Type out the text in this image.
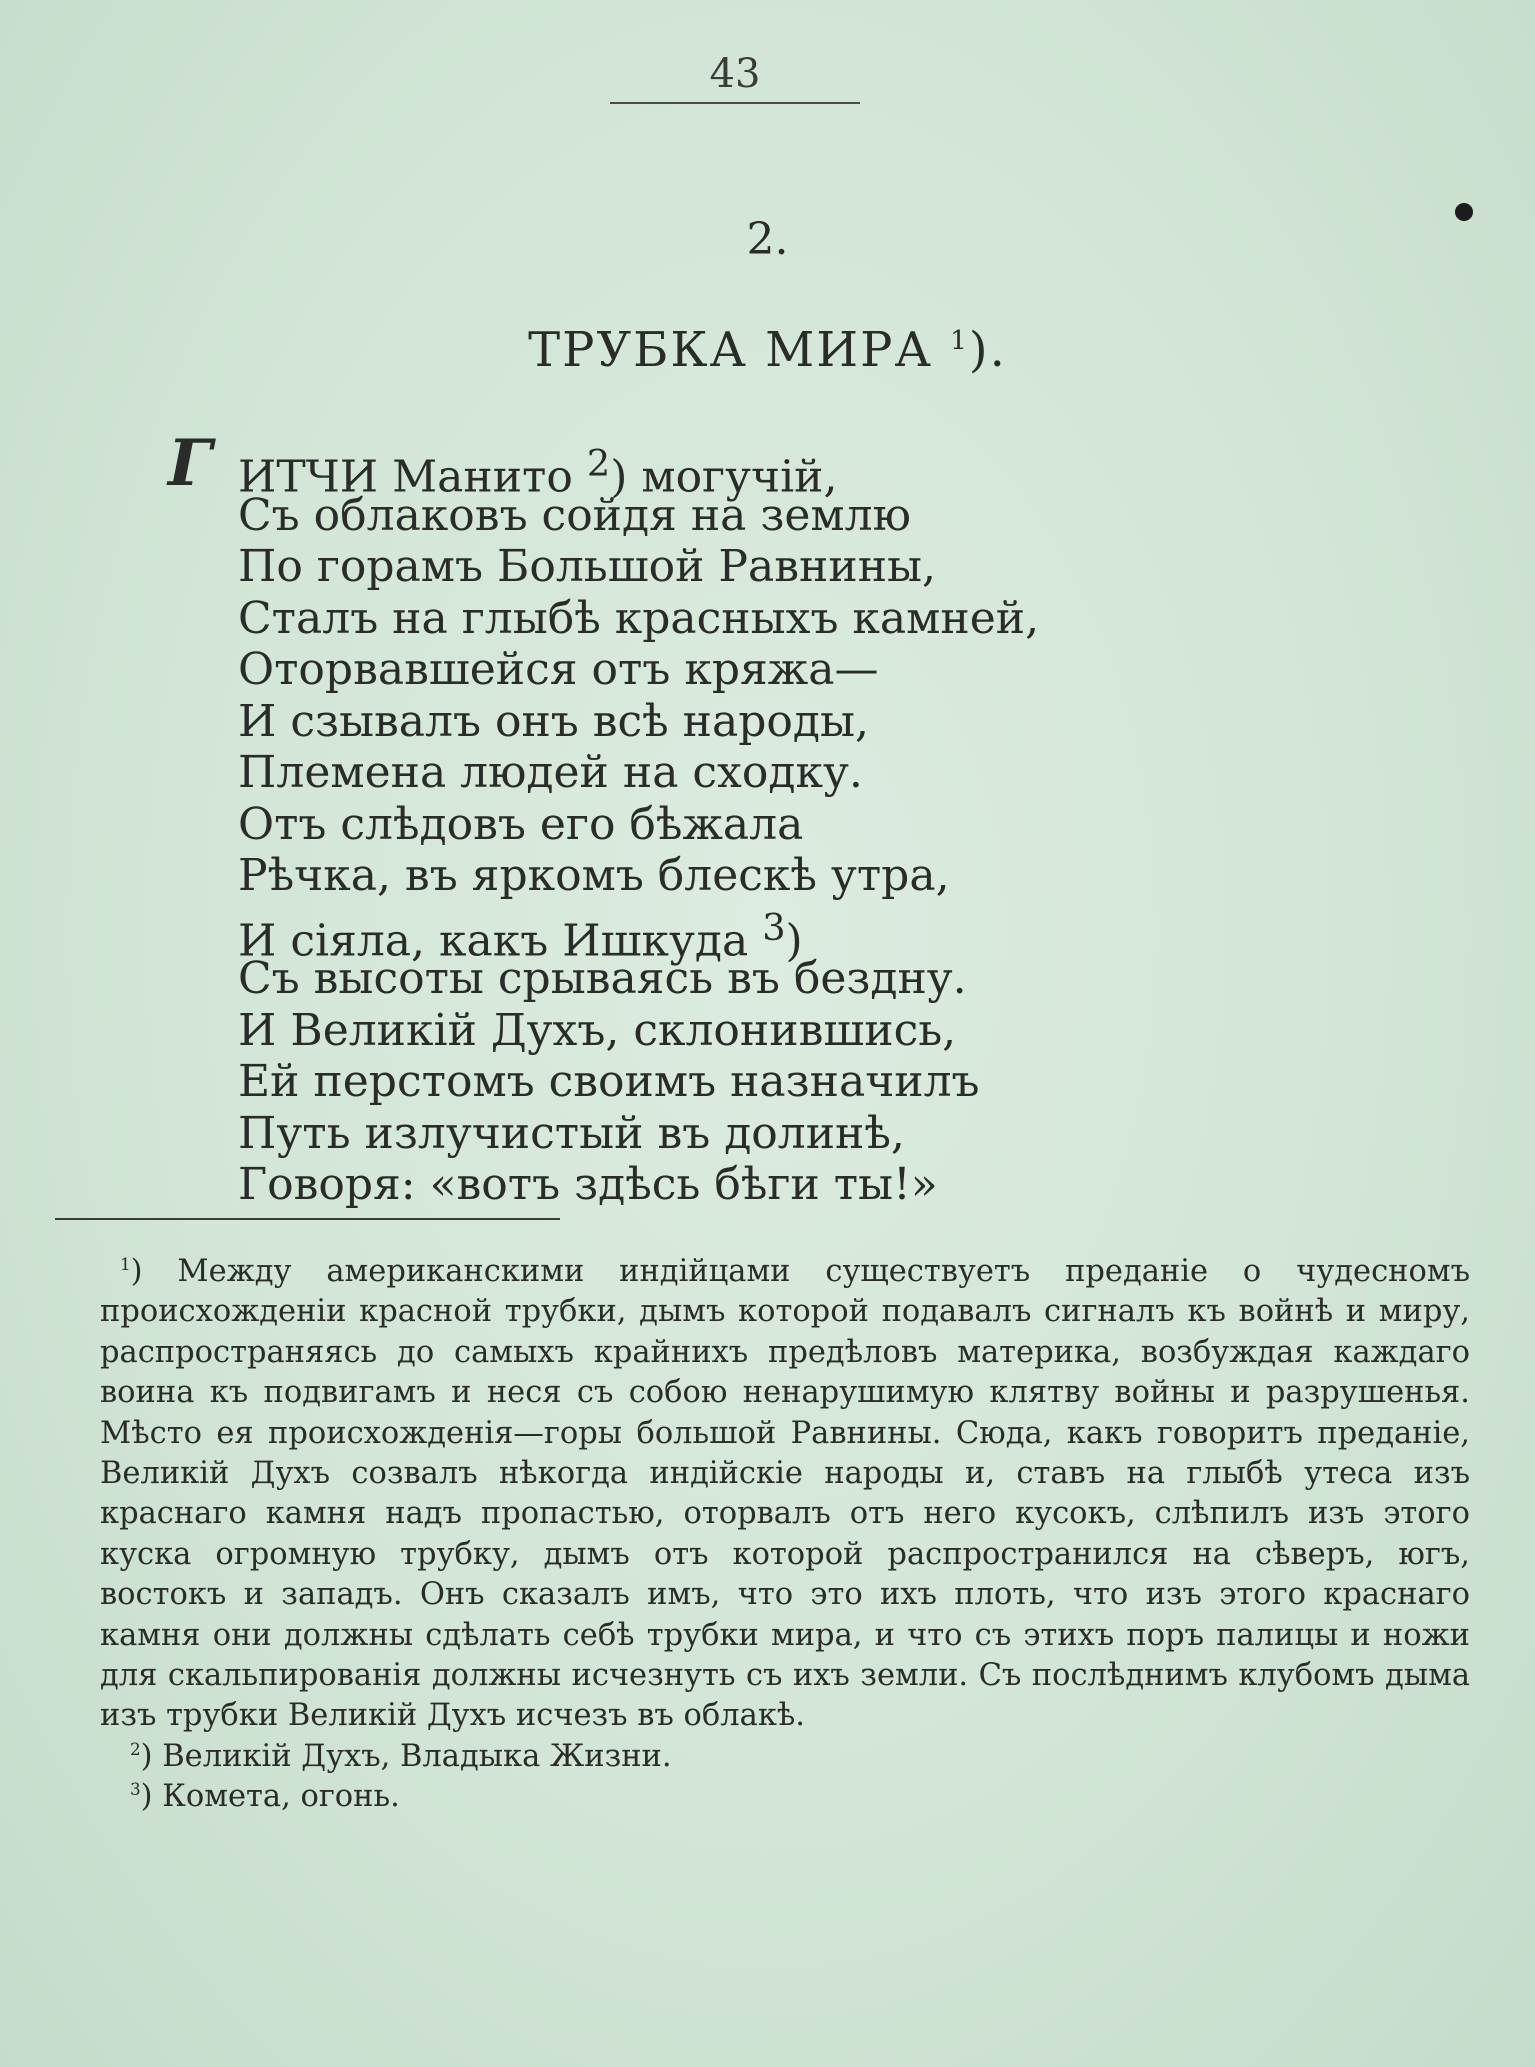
43
2.
ТРУБКА МИРА $^1$).
Г ИТЧИ Манито $^2$) могучій,
Съ облаковъ сойдя на землю
По горамъ Большой Равнины,
Сталъ на глыбѣ красныхъ камней,
Оторвавшейся отъ кряжа—
И сзывалъ онъ всѣ народы,
Племена людей на сходку.
Отъ слѣдовъ его бѣжала
Рѣчка, въ яркомъ блескѣ утра,
И сіяла, какъ Ишкуда $^3$)
Съ высоты срываясь въ бездну.
И Великій Духъ, склонившись,
Ей перстомъ своимъ назначилъ
Путь излучистый въ долинѣ,
Говоря: «вотъ здѣсь бѣги ты!»
$^1$) Между американскими индійцами существуетъ преданіе о чудесномъ происхожденіи красной трубки, дымъ которой подавалъ сигналъ къ войнѣ и миру, распространяясь до самыхъ крайнихъ предѣловъ материка, возбуждая каждаго воина къ подвигамъ и неся съ собою ненарушимую клятву войны и разрушенья. Мѣсто ея происхожденія—горы большой Равнины. Сюда, какъ говоритъ преданіе, Великій Духъ созвалъ нѣкогда индійскіе народы и, ставъ на глыбѣ утеса изъ краснаго камня надъ пропастью, оторвалъ отъ него кусокъ, слѣпилъ изъ этого куска огромную трубку, дымъ отъ которой распространился на сѣверъ, югъ, востокъ и западъ. Онъ сказалъ имъ, что это ихъ плоть, что изъ этого краснаго камня они должны сдѣлать себѣ трубки мира, и что съ этихъ поръ палицы и ножи для скальпированія должны исчезнуть съ ихъ земли. Съ послѣднимъ клубомъ дыма изъ трубки Великій Духъ исчезъ въ облакѣ.
$^2$) Великій Духъ, Владыка Жизни.
$^3$) Комета, огонь.
